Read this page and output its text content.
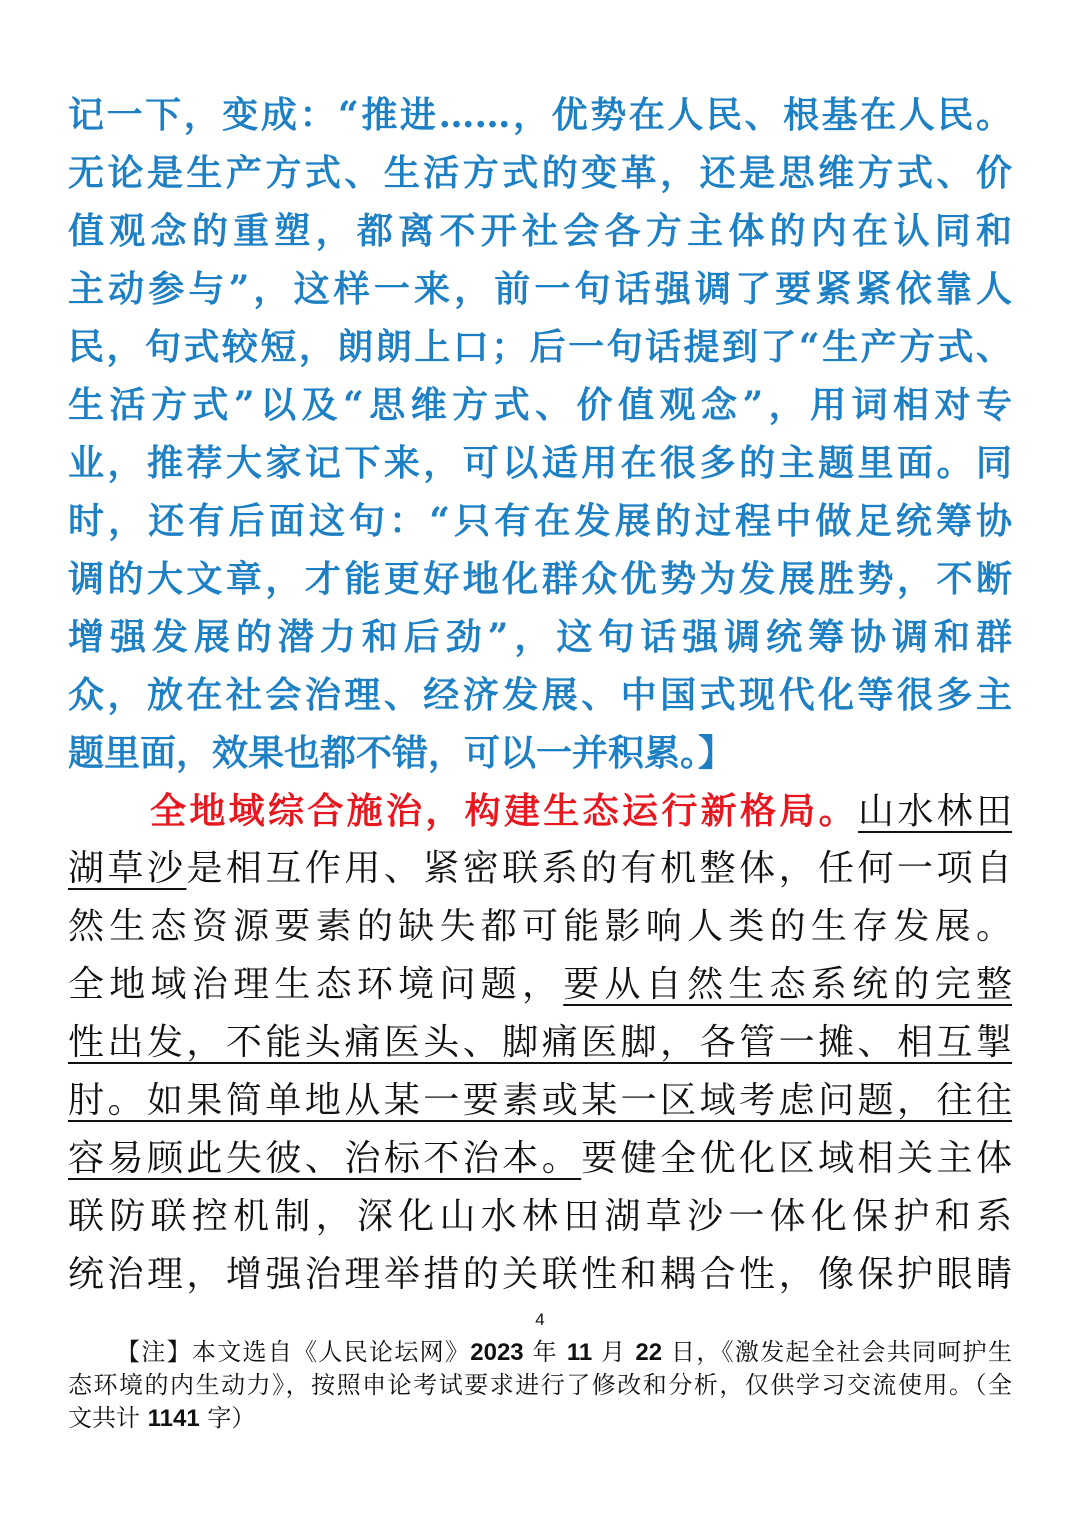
记一下，变成：“推进……，优势在人民、根基在人民。
无论是生产方式、生活方式的变革，还是思维方式、价
值观念的重塑，都离不开社会各方主体的内在认同和
主动参与”，这样一来，前一句话强调了要紧紧依靠人
民，句式较短，朗朗上口；后一句话提到了“生产方式、
生活方式”以及“思维方式、价值观念”，用词相对专
业，推荐大家记下来，可以适用在很多的主题里面。同
时，还有后面这句：“只有在发展的过程中做足统筹协
调的大文章，才能更好地化群众优势为发展胜势，不断
增强发展的潜力和后劲”，这句话强调统筹协调和群
众，放在社会治理、经济发展、中国式现代化等很多主
题里面，效果也都不错，可以一并积累。】
全地域综合施治，构建生态运行新格局。山水林田
湖草沙是相互作用、紧密联系的有机整体，任何一项自
然生态资源要素的缺失都可能影响人类的生存发展。
全地域治理生态环境问题，要从自然生态系统的完整
性出发，不能头痛医头、脚痛医脚，各管一摊、相互掣
肘。如果简单地从某一要素或某一区域考虑问题，往往
容易顾此失彼、治标不治本。要健全优化区域相关主体
联防联控机制，深化山水林田湖草沙一体化保护和系
统治理，增强治理举措的关联性和耦合性，像保护眼睛
4
【注】本文选自《人民论坛网》2023 年 11 月 22 日，《激发起全社会共同呵护生
态环境的内生动力》，按照申论考试要求进行了修改和分析，仅供学习交流使用。（全
文共计 1141 字）
